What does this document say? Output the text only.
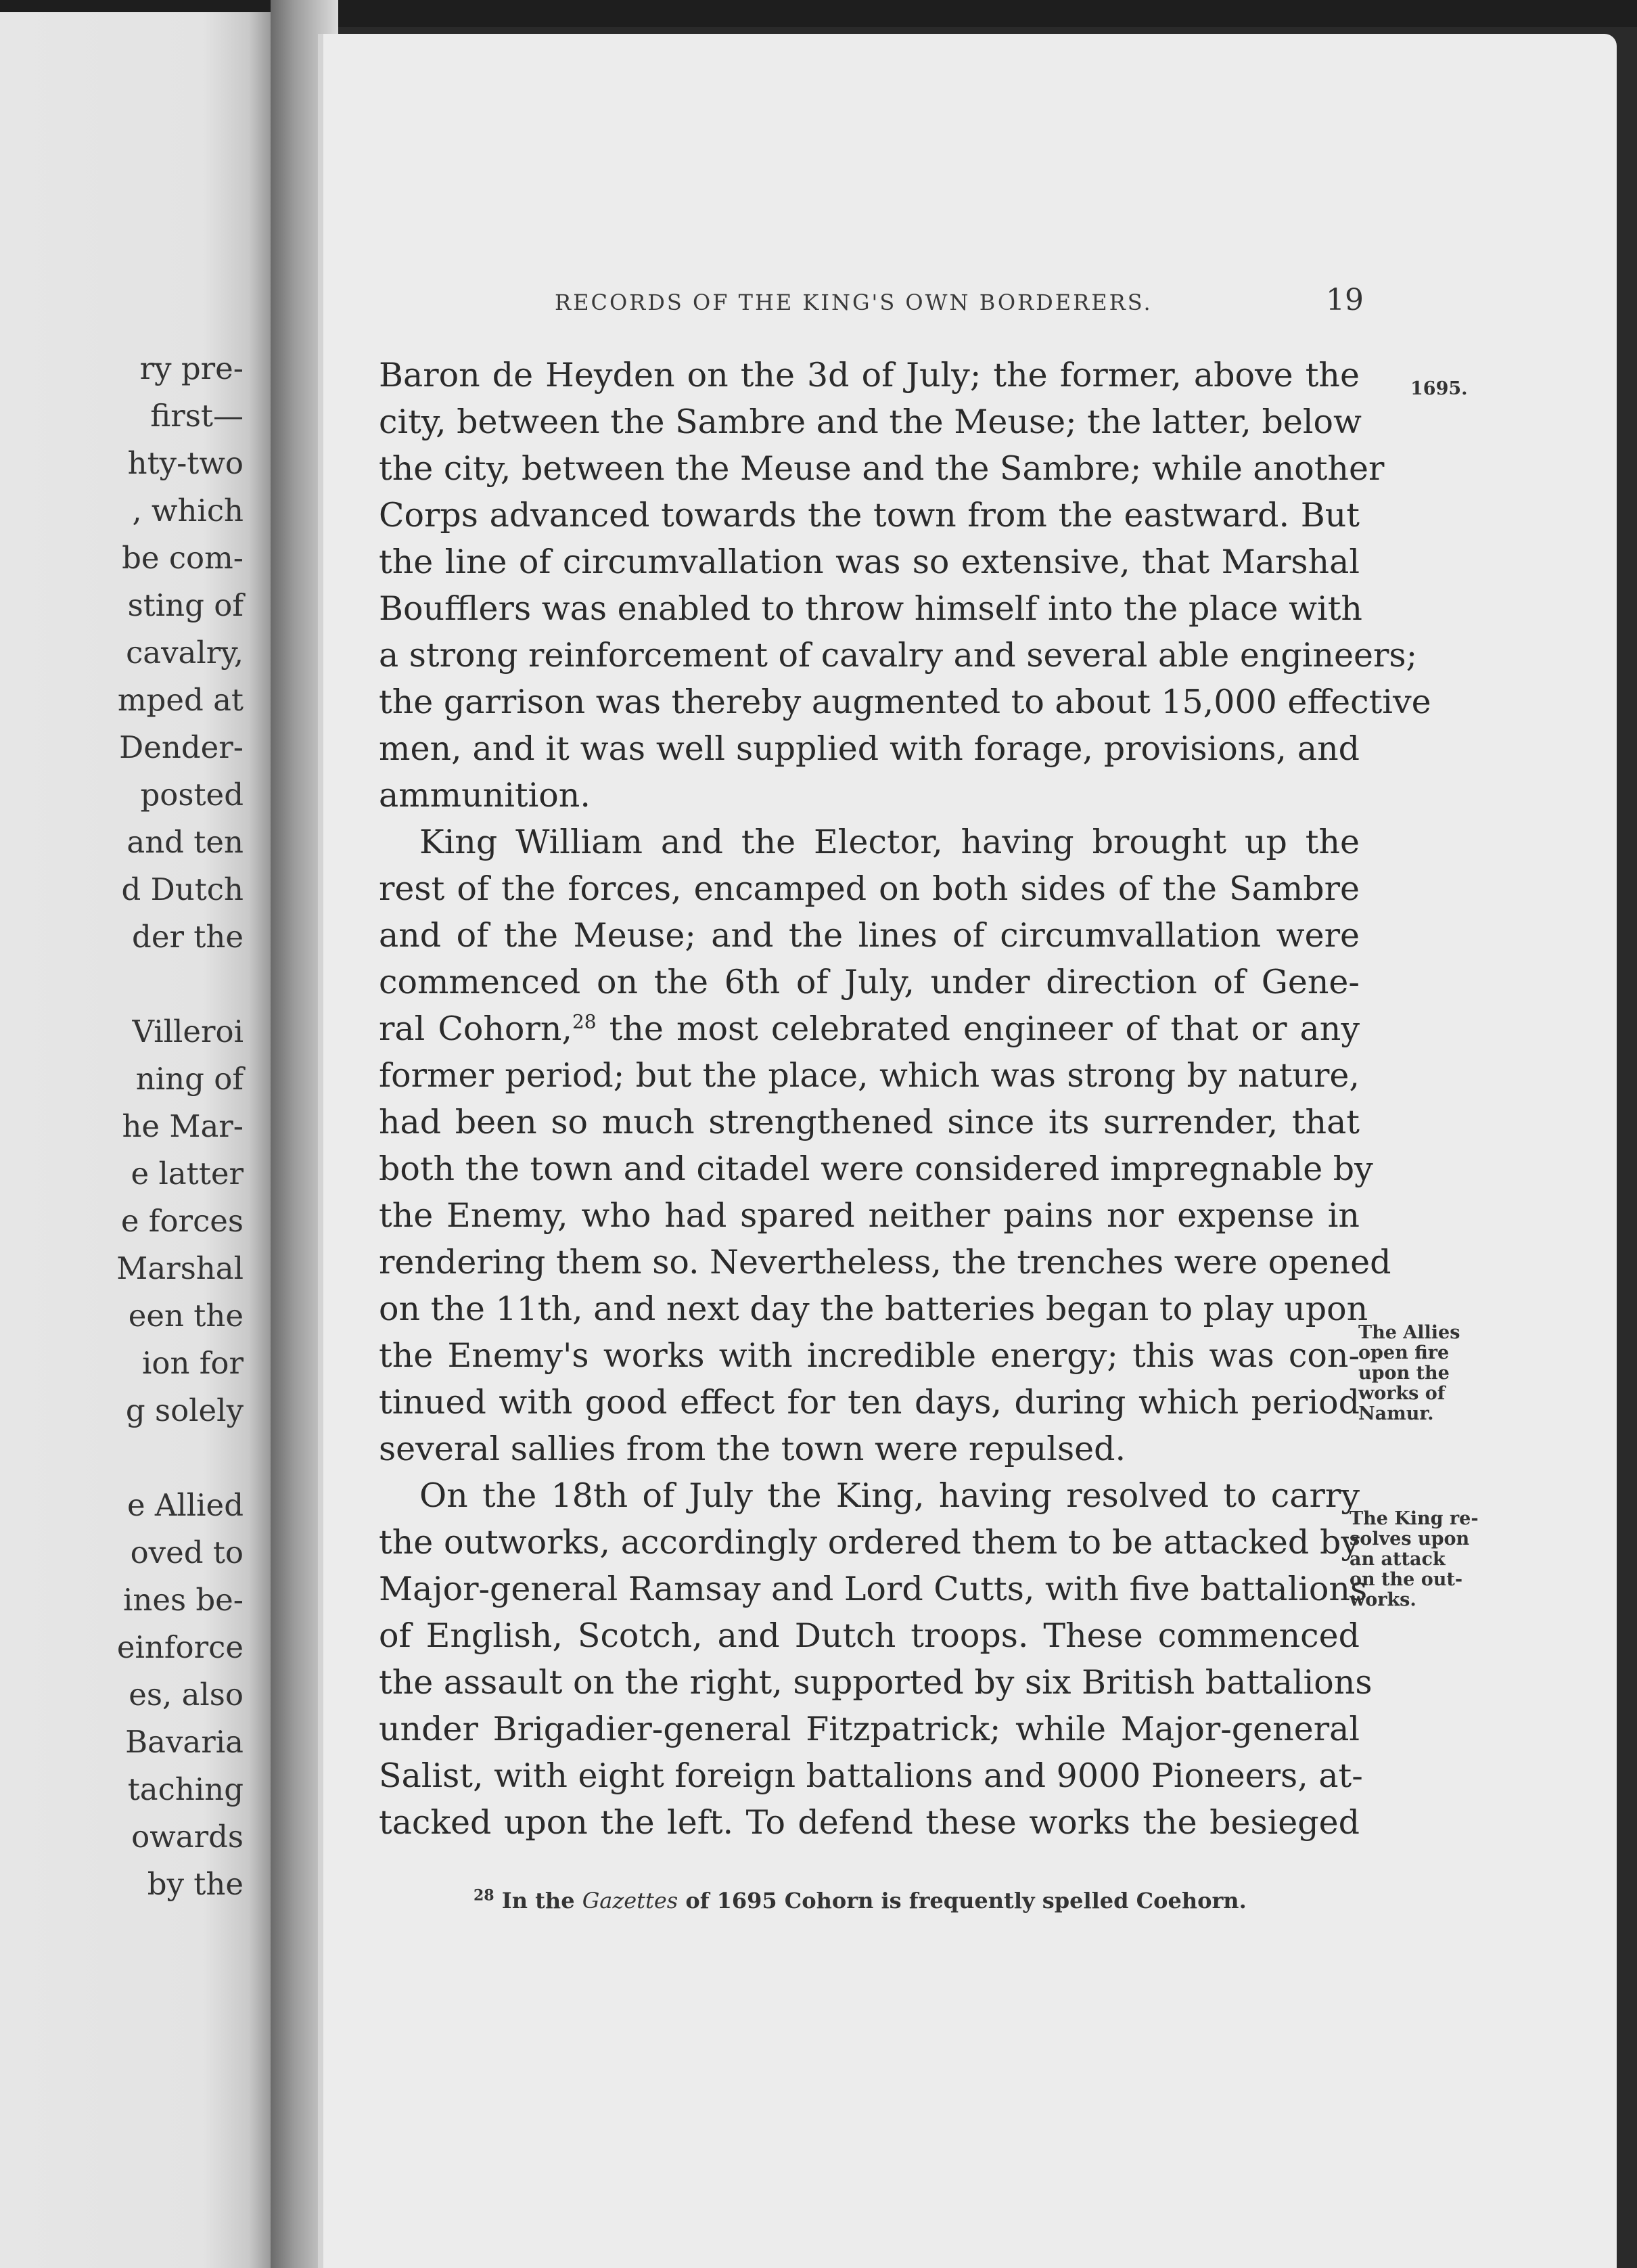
ry pre-
first—
hty-two
, which
be com-
sting of
cavalry,
mped at
Dender-
posted
and ten
d Dutch
der the
Villeroi
ning of
he Mar-
e latter
e forces
Marshal
een the
ion for
g solely
e Allied
oved to
ines be-
einforce
es, also
Bavaria
taching
owards
by the
RECORDS OF THE KING'S OWN BORDERERS.	19
1695.
The Allies
open fire
upon the
works of
Namur.
The King re-
solves upon
an attack
on the out-
works.
Baron de Heyden on the 3d of July; the former, above the
city, between the Sambre and the Meuse; the latter, below
the city, between the Meuse and the Sambre; while another
Corps advanced towards the town from the eastward. But
the line of circumvallation was so extensive, that Marshal
Boufflers was enabled to throw himself into the place with
a strong reinforcement of cavalry and several able engineers;
the garrison was thereby augmented to about 15,000 effective
men, and it was well supplied with forage, provisions, and
ammunition.
King William and the Elector, having brought up the
rest of the forces, encamped on both sides of the Sambre
and of the Meuse; and the lines of circumvallation were
commenced on the 6th of July, under direction of Gene-
ral Cohorn,$^{28}$ the most celebrated engineer of that or any
former period; but the place, which was strong by nature,
had been so much strengthened since its surrender, that
both the town and citadel were considered impregnable by
the Enemy, who had spared neither pains nor expense in
rendering them so. Nevertheless, the trenches were opened
on the 11th, and next day the batteries began to play upon
the Enemy's works with incredible energy; this was con-
tinued with good effect for ten days, during which period
several sallies from the town were repulsed.
On the 18th of July the King, having resolved to carry
the outworks, accordingly ordered them to be attacked by
Major-general Ramsay and Lord Cutts, with five battalions
of English, Scotch, and Dutch troops. These commenced
the assault on the right, supported by six British battalions
under Brigadier-general Fitzpatrick; while Major-general
Salist, with eight foreign battalions and 9000 Pioneers, at-
tacked upon the left. To defend these works the besieged
$^{28}$ In the Gazettes of 1695 Cohorn is frequently spelled Coehorn.
